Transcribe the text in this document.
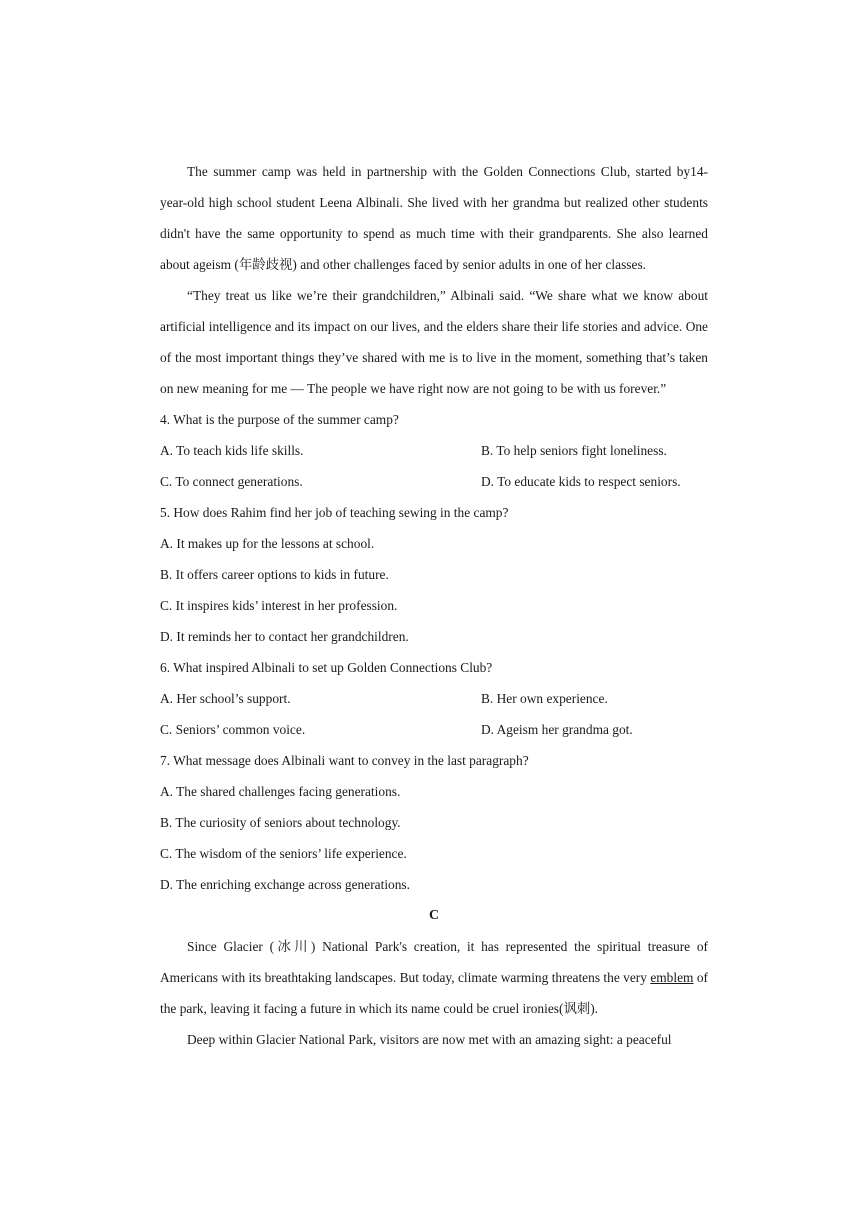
The summer camp was held in partnership with the Golden Connections Club, started by14-year-old high school student Leena Albinali. She lived with her grandma but realized other students didn't have the same opportunity to spend as much time with their grandparents. She also learned about ageism (年龄歧视) and other challenges faced by senior adults in one of her classes.

“They treat us like we’re their grandchildren,” Albinali said. “We share what we know about artificial intelligence and its impact on our lives, and the elders share their life stories and advice. One of the most important things they’ve shared with me is to live in the moment, something that’s taken on new meaning for me — The people we have right now are not going to be with us forever.”

4. What is the purpose of the summer camp?

A. To teach kids life skills.	B. To help seniors fight loneliness.
C. To connect generations.	D. To educate kids to respect seniors.

5. How does Rahim find her job of teaching sewing in the camp?

A. It makes up for the lessons at school.

B. It offers career options to kids in future.

C. It inspires kids’ interest in her profession.

D. It reminds her to contact her grandchildren.

6. What inspired Albinali to set up Golden Connections Club?

A. Her school’s support.	B. Her own experience.
C. Seniors’ common voice.	D. Ageism her grandma got.

7. What message does Albinali want to convey in the last paragraph?

A. The shared challenges facing generations.

B. The curiosity of seniors about technology.

C. The wisdom of the seniors’ life experience.

D. The enriching exchange across generations.

C

Since Glacier (冰川) National Park's creation, it has represented the spiritual treasure of Americans with its breathtaking landscapes. But today, climate warming threatens the very emblem of the park, leaving it facing a future in which its name could be cruel ironies(讽刺).

Deep within Glacier National Park, visitors are now met with an amazing sight: a peaceful
